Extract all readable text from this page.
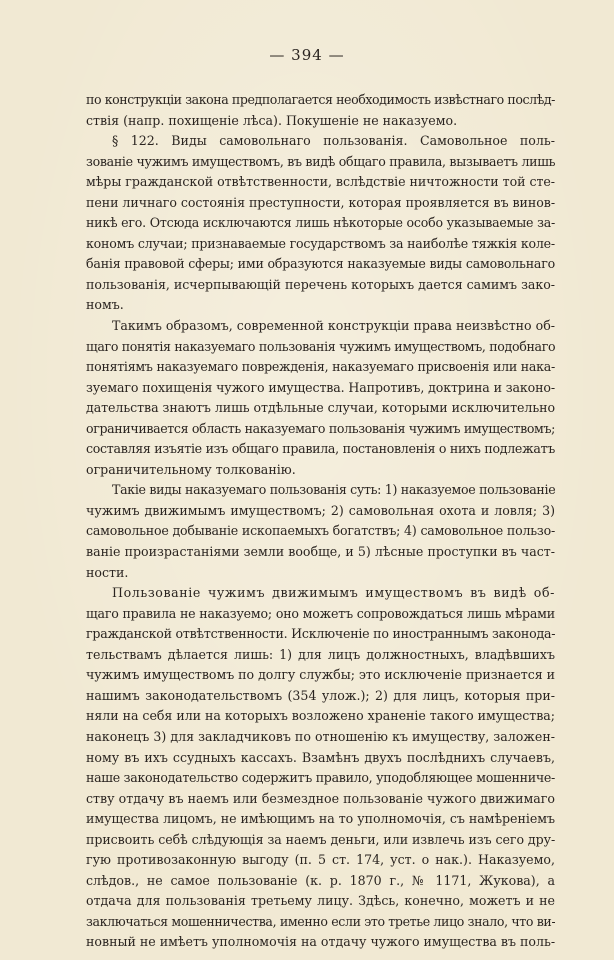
— 394 —
по конструкціи закона предполагается необходимость извѣстнаго послѣд-
ствія (напр. похищеніе лѣса). Покушеніе не наказуемо.
§ 122. Виды самовольнаго пользованія. Самовольное поль-
зованіе чужимъ имуществомъ, въ видѣ общаго правила, вызываетъ лишь
мѣры гражданской отвѣтственности, вслѣдствіе ничтожности той сте-
пени личнаго состоянія преступности, которая проявляется въ винов-
никѣ его. Отсюда исключаются лишь нѣкоторые особо указываемые за-
кономъ случаи; признаваемые государствомъ за наиболѣе тяжкія коле-
банія правовой сферы; ими образуются наказуемые виды самовольнаго
пользованія, исчерпывающій перечень которыхъ дается самимъ зако-
номъ.
Такимъ образомъ, современной конструкціи права неизвѣстно об-
щаго понятія наказуемаго пользованія чужимъ имуществомъ, подобнаго
понятіямъ наказуемаго поврежденія, наказуемаго присвоенія или нака-
зуемаго похищенія чужого имущества. Напротивъ, доктрина и законо-
дательства знаютъ лишь отдѣльные случаи, которыми исключительно
ограничивается область наказуемаго пользованія чужимъ имуществомъ;
составляя изъятіе изъ общаго правила, постановленія о нихъ подлежатъ
ограничительному толкованію.
Такіе виды наказуемаго пользованія суть: 1) наказуемое пользованіе
чужимъ движимымъ имуществомъ; 2) самовольная охота и ловля; 3)
самовольное добываніе ископаемыхъ богатствъ; 4) самовольное пользо-
ваніе произрастаніями земли вообще, и 5) лѣсные проступки въ част-
ности.
Пользованіе чужимъ движимымъ имуществомъ въ видѣ об-
щаго правила не наказуемо; оно можетъ сопровождаться лишь мѣрами
гражданской отвѣтственности. Исключеніе по иностраннымъ законода-
тельствамъ дѣлается лишь: 1) для лицъ должностныхъ, владѣвшихъ
чужимъ имуществомъ по долгу службы; это исключеніе признается и
нашимъ законодательствомъ (354 улож.); 2) для лицъ, которыя при-
няли на себя или на которыхъ возложено храненіе такого имущества;
наконецъ 3) для закладчиковъ по отношенію къ имуществу, заложен-
ному въ ихъ ссудныхъ кассахъ. Взамѣнъ двухъ послѣднихъ случаевъ,
наше законодательство содержитъ правило, уподобляющее мошенниче-
ству отдачу въ наемъ или безмездное пользованіе чужого движимаго
имущества лицомъ, не имѣющимъ на то уполномочія, съ намѣреніемъ
присвоить себѣ слѣдующія за наемъ деньги, или извлечь изъ сего дру-
гую противозаконную выгоду (п. 5 ст. 174, уст. о нак.). Наказуемо,
слѣдов., не самое пользованіе (к. р. 1870 г., № 1171, Жукова), а
отдача для пользованія третьему лицу. Здѣсь, конечно, можетъ и не
заключаться мошенничества, именно если это третье лицо знало, что ви-
новный не имѣетъ уполномочія на отдачу чужого имущества въ поль-
